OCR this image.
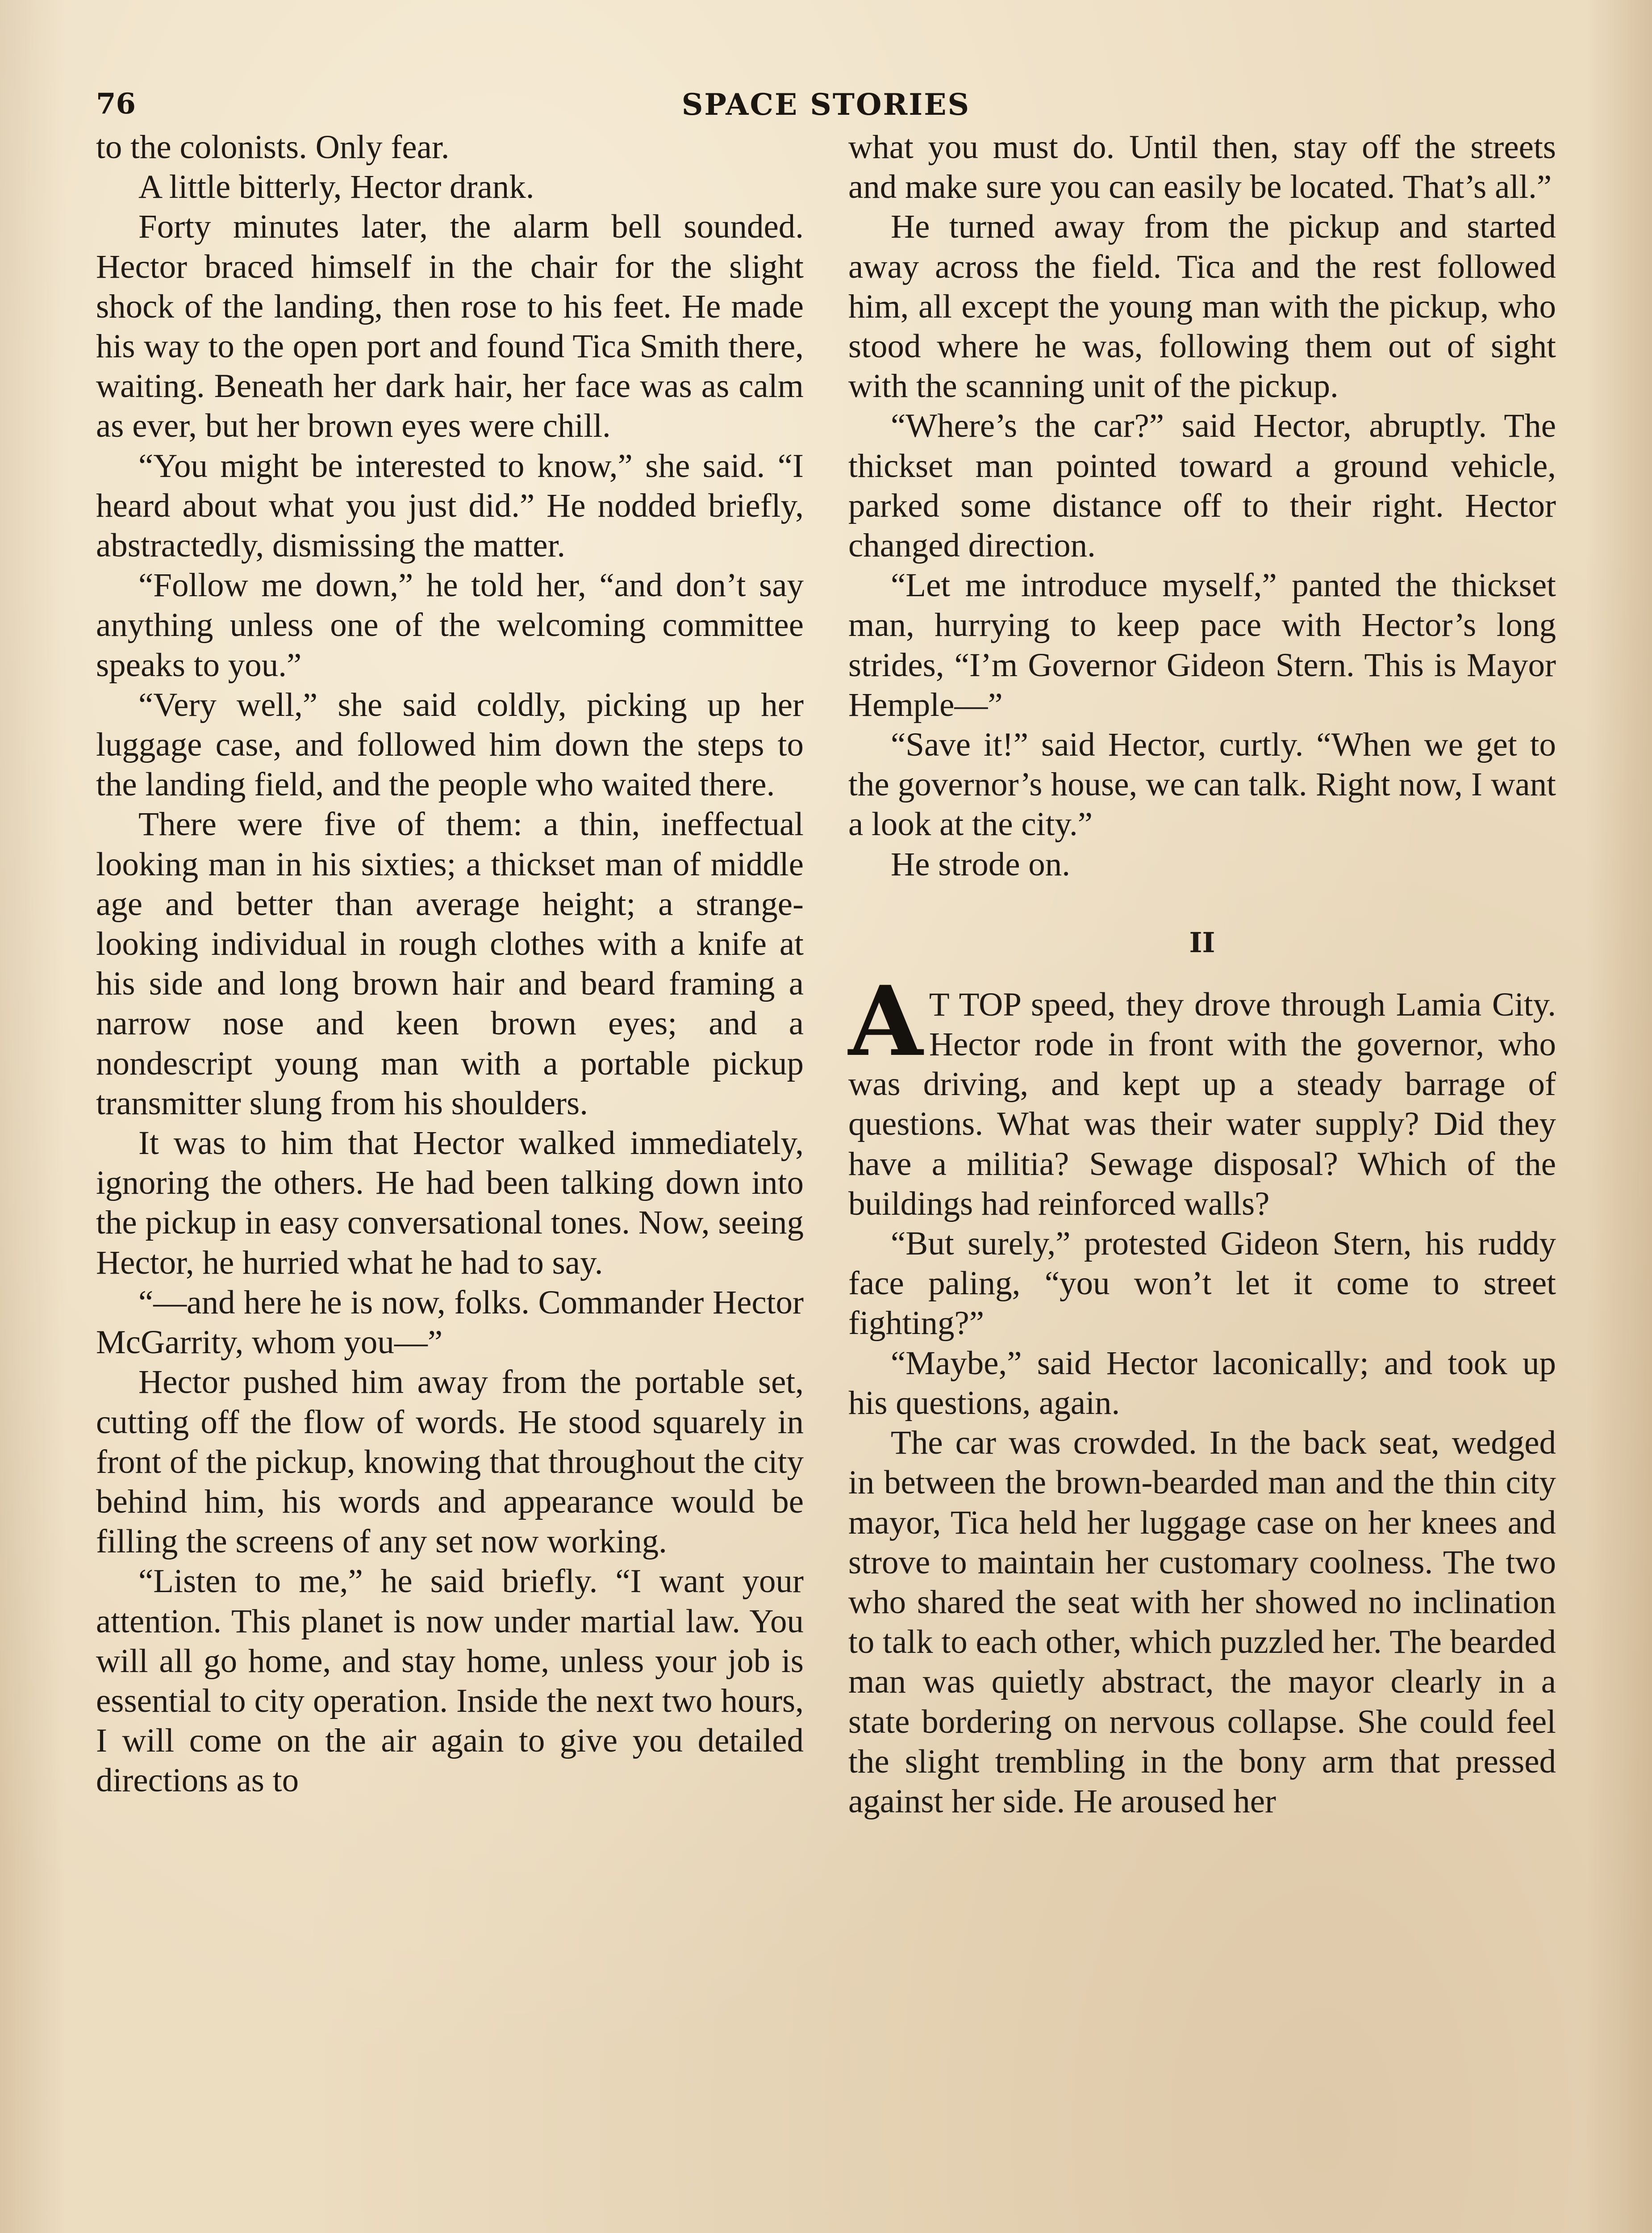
76	SPACE STORIES

to the colonists. Only fear.

A little bitterly, Hector drank.

Forty minutes later, the alarm bell sounded. Hector braced himself in the chair for the slight shock of the landing, then rose to his feet. He made his way to the open port and found Tica Smith there, waiting. Beneath her dark hair, her face was as calm as ever, but her brown eyes were chill.

“You might be interested to know,” she said. “I heard about what you just did.” He nodded briefly, abstractedly, dismissing the matter.

“Follow me down,” he told her, “and don’t say anything unless one of the welcoming committee speaks to you.”

“Very well,” she said coldly, picking up her luggage case, and followed him down the steps to the landing field, and the people who waited there.

There were five of them: a thin, ineffectual looking man in his sixties; a thickset man of middle age and better than average height; a strange-looking individual in rough clothes with a knife at his side and long brown hair and beard framing a narrow nose and keen brown eyes; and a nondescript young man with a portable pickup transmitter slung from his shoulders.

It was to him that Hector walked immediately, ignoring the others. He had been talking down into the pickup in easy conversational tones. Now, seeing Hector, he hurried what he had to say.

“—and here he is now, folks. Commander Hector McGarrity, whom you—”

Hector pushed him away from the portable set, cutting off the flow of words. He stood squarely in front of the pickup, knowing that throughout the city behind him, his words and appearance would be filling the screens of any set now working.

“Listen to me,” he said briefly. “I want your attention. This planet is now under martial law. You will all go home, and stay home, unless your job is essential to city operation. Inside the next two hours, I will come on the air again to give you detailed directions as to

what you must do. Until then, stay off the streets and make sure you can easily be located. That’s all.”

He turned away from the pickup and started away across the field. Tica and the rest followed him, all except the young man with the pickup, who stood where he was, following them out of sight with the scanning unit of the pickup.

“Where’s the car?” said Hector, abruptly. The thickset man pointed toward a ground vehicle, parked some distance off to their right. Hector changed direction.

“Let me introduce myself,” panted the thickset man, hurrying to keep pace with Hector’s long strides, “I’m Governor Gideon Stern. This is Mayor Hemple—”

“Save it!” said Hector, curtly. “When we get to the governor’s house, we can talk. Right now, I want a look at the city.”

He strode on.

II

A T TOP speed, they drove through Lamia City. Hector rode in front with the governor, who was driving, and kept up a steady barrage of questions. What was their water supply? Did they have a militia? Sewage disposal? Which of the buildings had reinforced walls?

“But surely,” protested Gideon Stern, his ruddy face paling, “you won’t let it come to street fighting?”

“Maybe,” said Hector laconically; and took up his questions, again.

The car was crowded. In the back seat, wedged in between the brown-bearded man and the thin city mayor, Tica held her luggage case on her knees and strove to maintain her customary coolness. The two who shared the seat with her showed no inclination to talk to each other, which puzzled her. The bearded man was quietly abstract, the mayor clearly in a state bordering on nervous collapse. She could feel the slight trembling in the bony arm that pressed against her side. He aroused her
